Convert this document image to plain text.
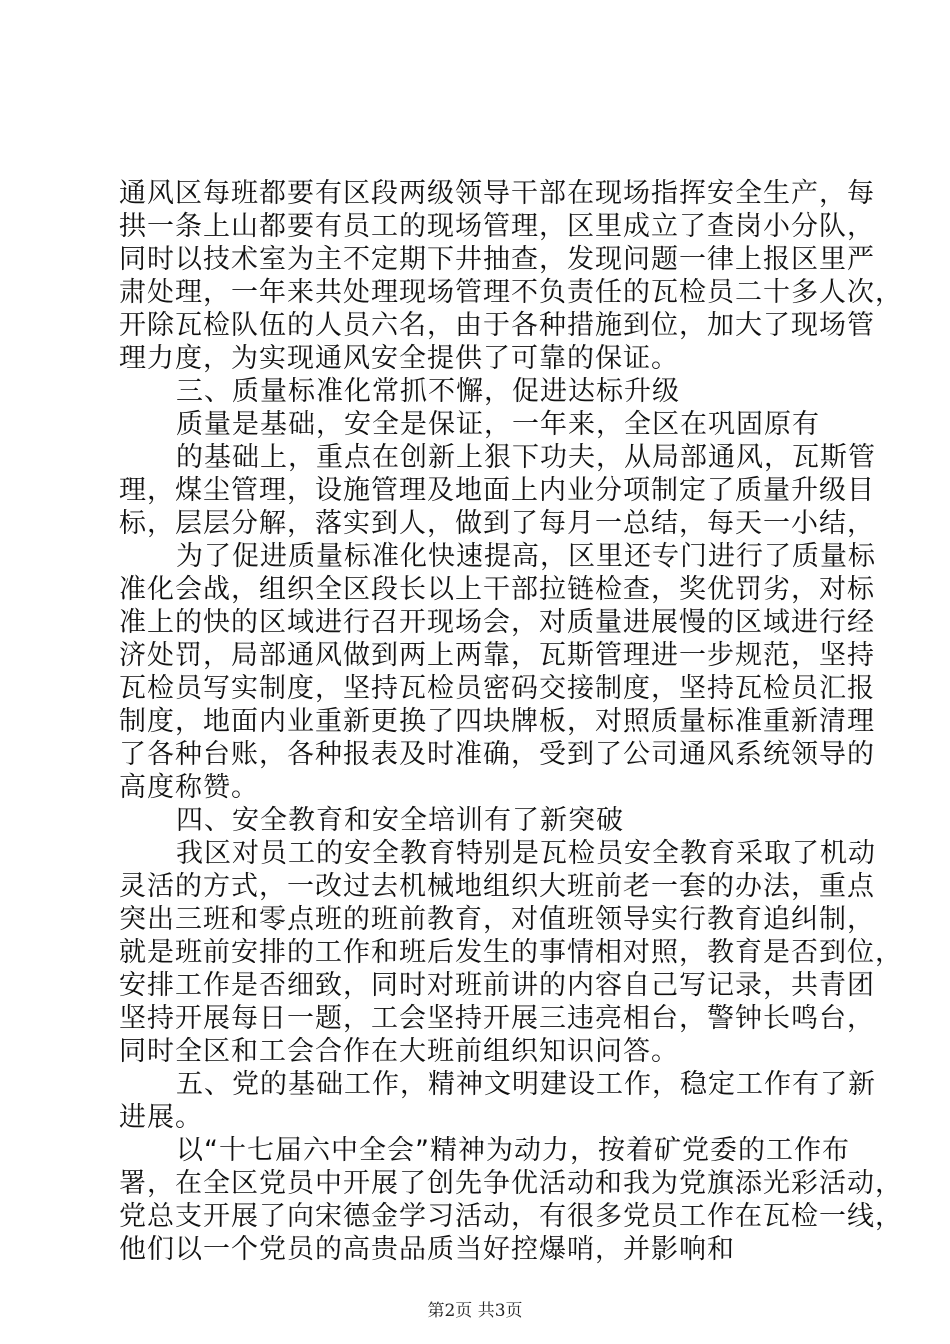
通风区每班都要有区段两级领导干部在现场指挥安全生产，每
拱一条上山都要有员工的现场管理，区里成立了查岗小分队，
同时以技术室为主不定期下井抽查，发现问题一律上报区里严
肃处理，一年来共处理现场管理不负责任的瓦检员二十多人次，
开除瓦检队伍的人员六名，由于各种措施到位，加大了现场管
理力度，为实现通风安全提供了可靠的保证。
三、质量标准化常抓不懈，促进达标升级
质量是基础，安全是保证，一年来，全区在巩固原有
的基础上，重点在创新上狠下功夫，从局部通风，瓦斯管
理，煤尘管理，设施管理及地面上内业分项制定了质量升级目
标，层层分解，落实到人，做到了每月一总结，每天一小结，
为了促进质量标准化快速提高，区里还专门进行了质量标
准化会战，组织全区段长以上干部拉链检查，奖优罚劣，对标
准上的快的区域进行召开现场会，对质量进展慢的区域进行经
济处罚，局部通风做到两上两靠，瓦斯管理进一步规范，坚持
瓦检员写实制度，坚持瓦检员密码交接制度，坚持瓦检员汇报
制度，地面内业重新更换了四块牌板，对照质量标准重新清理
了各种台账，各种报表及时准确，受到了公司通风系统领导的
高度称赞。
四、安全教育和安全培训有了新突破
我区对员工的安全教育特别是瓦检员安全教育采取了机动
灵活的方式，一改过去机械地组织大班前老一套的办法，重点
突出三班和零点班的班前教育，对值班领导实行教育追纠制，
就是班前安排的工作和班后发生的事情相对照，教育是否到位，
安排工作是否细致，同时对班前讲的内容自己写记录，共青团
坚持开展每日一题，工会坚持开展三违亮相台，警钟长鸣台，
同时全区和工会合作在大班前组织知识问答。
五、党的基础工作，精神文明建设工作，稳定工作有了新
进展。
以“十七届六中全会”精神为动力，按着矿党委的工作布
署，在全区党员中开展了创先争优活动和我为党旗添光彩活动，
党总支开展了向宋德金学习活动，有很多党员工作在瓦检一线，
他们以一个党员的高贵品质当好控爆哨，并影响和
第2页 共3页
